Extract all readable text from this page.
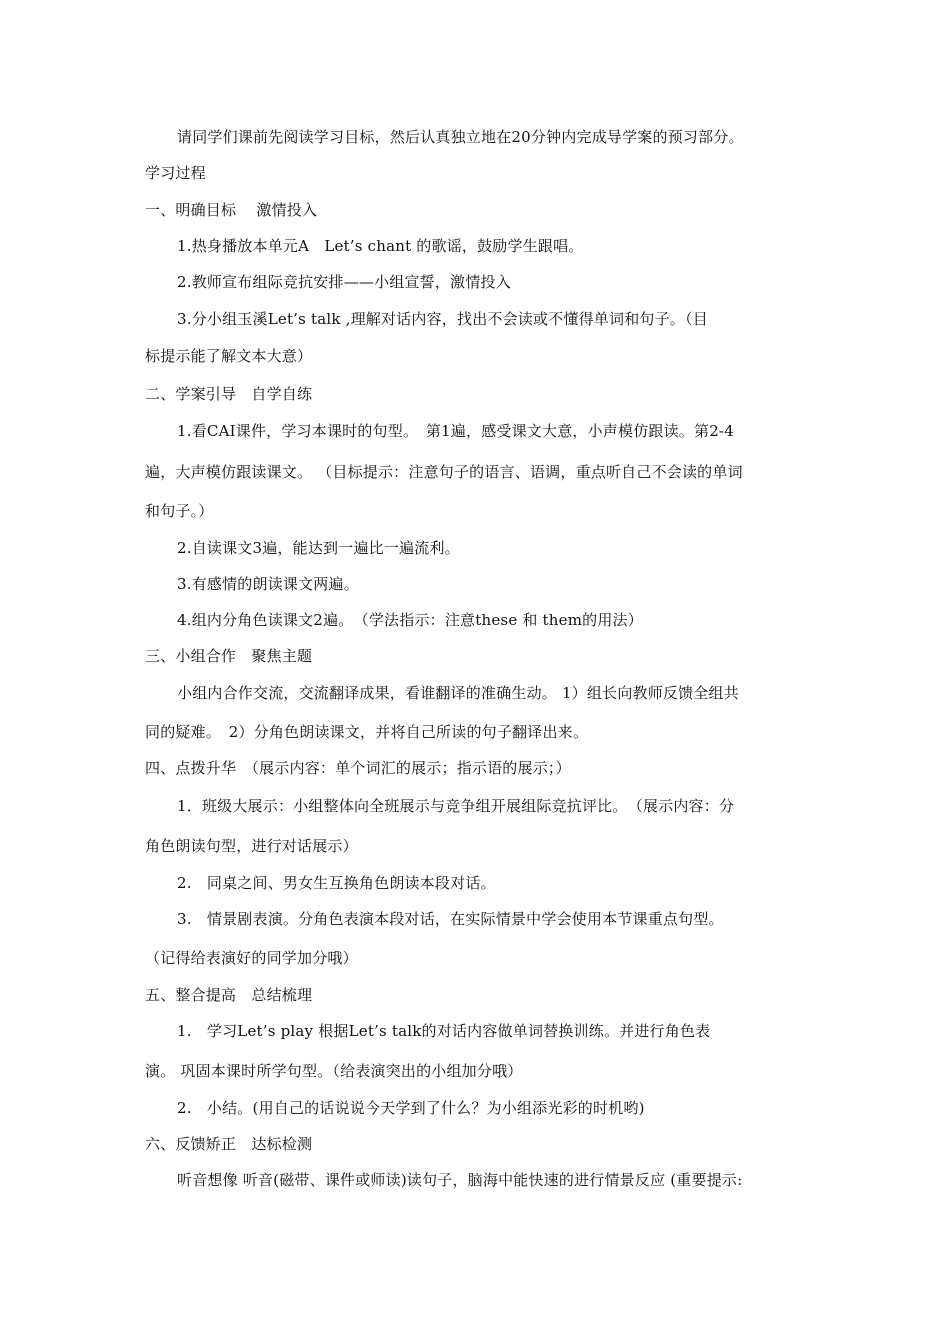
请同学们课前先阅读学习目标，然后认真独立地在20分钟内完成导学案的预习部分。
学习过程
一、明确目标　 激情投入
1.热身播放本单元A　Let’s chant 的歌谣，鼓励学生跟唱。
2.教师宣布组际竞抗安排——小组宣誓，激情投入
3.分小组玉溪Let’s talk ,理解对话内容，找出不会读或不懂得单词和句子。（目
标提示能了解文本大意）
二、学案引导　自学自练
1.看CAI课件，学习本课时的句型。　第1遍，感受课文大意，小声模仿跟读。第2-4
遍，大声模仿跟读课文。 （目标提示：注意句子的语言、语调，重点听自己不会读的单词
和句子。）
2.自读课文3遍，能达到一遍比一遍流利。
3.有感情的朗读课文两遍。
4.组内分角色读课文2遍。　（学法指示：注意these 和 them的用法）
三、小组合作　聚焦主题
小组内合作交流，交流翻译成果，看谁翻译的准确生动。 1）组长向教师反馈全组共
同的疑难。　2）分角色朗读课文，并将自己所读的句子翻译出来。
四、点拨升华　（展示内容：单个词汇的展示；指示语的展示；）
1．班级大展示：小组整体向全班展示与竞争组开展组际竞抗评比。　（展示内容：分
角色朗读句型，进行对话展示）
2.　同桌之间、男女生互换角色朗读本段对话。
3.　情景剧表演。分角色表演本段对话，在实际情景中学会使用本节课重点句型。
（记得给表演好的同学加分哦）
五、整合提高　总结梳理
1.　学习Let’s play 根据Let’s talk的对话内容做单词替换训练。并进行角色表
演。 巩固本课时所学句型。（给表演突出的小组加分哦）
2.　小结。(用自己的话说说今天学到了什么？为小组添光彩的时机哟)
六、反馈矫正　达标检测
听音想像 听音(磁带、课件或师读)读句子，脑海中能快速的进行情景反应 (重要提示:
